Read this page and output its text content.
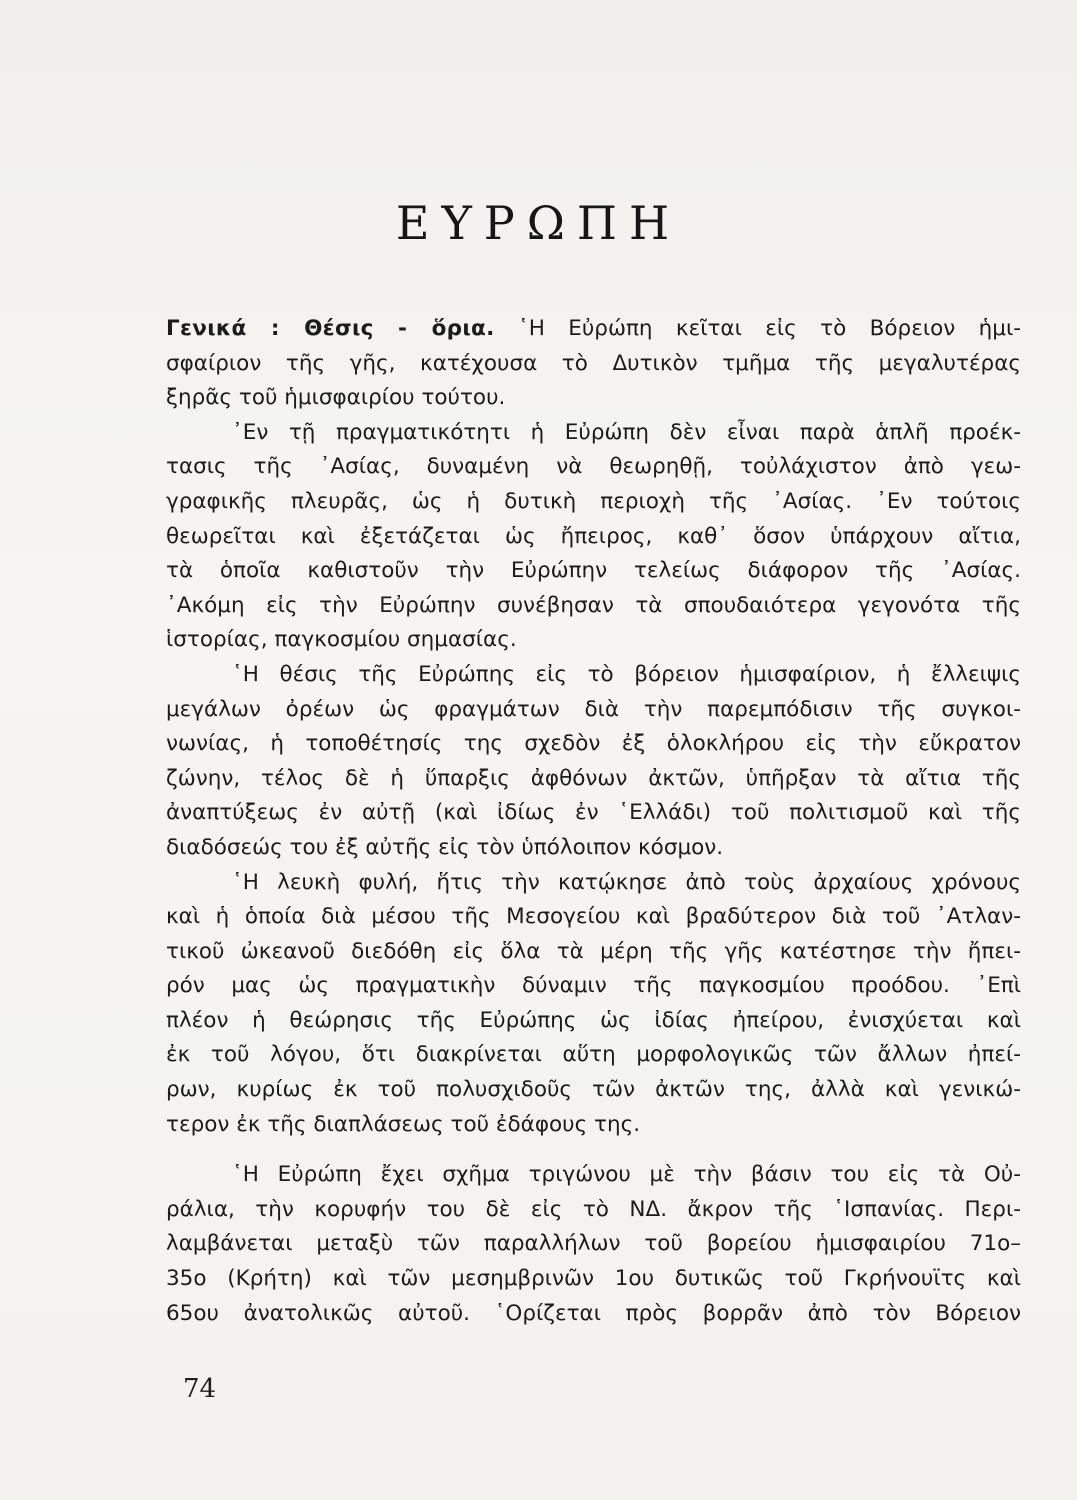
ΕΥΡΩΠΗ
Γενικά : Θέσις - ὅρια. ῾Η Εὐρώπη κεῖται εἰς τὸ Βόρειον ἡμι-
σφαίριον τῆς γῆς, κατέχουσα τὸ Δυτικὸν τμῆμα τῆς μεγαλυτέρας
ξηρᾶς τοῦ ἡμισφαιρίου τούτου.
᾿Εν τῇ πραγματικότητι ἡ Εὐρώπη δὲν εἶναι παρὰ ἁπλῆ προέκ-
τασις τῆς ᾿Ασίας, δυναμένη νὰ θεωρηθῇ, τοὐλάχιστον ἀπὸ γεω-
γραφικῆς πλευρᾶς, ὡς ἡ δυτικὴ περιοχὴ τῆς ᾿Ασίας. ᾿Εν τούτοις
θεωρεῖται καὶ ἐξετάζεται ὡς ἤπειρος, καθ᾿ ὅσον ὑπάρχουν αἴτια,
τὰ ὁποῖα καθιστοῦν τὴν Εὐρώπην τελείως διάφορον τῆς ᾿Ασίας.
᾿Ακόμη εἰς τὴν Εὐρώπην συνέβησαν τὰ σπουδαιότερα γεγονότα τῆς
ἱστορίας, παγκοσμίου σημασίας.
῾Η θέσις τῆς Εὐρώπης εἰς τὸ βόρειον ἡμισφαίριον, ἡ ἔλλειψις
μεγάλων ὀρέων ὡς φραγμάτων διὰ τὴν παρεμπόδισιν τῆς συγκοι-
νωνίας, ἡ τοποθέτησίς της σχεδὸν ἐξ ὁλοκλήρου εἰς τὴν εὔκρατον
ζώνην, τέλος δὲ ἡ ὕπαρξις ἀφθόνων ἀκτῶν, ὑπῆρξαν τὰ αἴτια τῆς
ἀναπτύξεως ἐν αὐτῇ (καὶ ἰδίως ἐν ῾Ελλάδι) τοῦ πολιτισμοῦ καὶ τῆς
διαδόσεώς του ἐξ αὐτῆς εἰς τὸν ὑπόλοιπον κόσμον.
῾Η λευκὴ φυλή, ἥτις τὴν κατῴκησε ἀπὸ τοὺς ἀρχαίους χρόνους
καὶ ἡ ὁποία διὰ μέσου τῆς Μεσογείου καὶ βραδύτερον διὰ τοῦ ᾿Ατλαν-
τικοῦ ὠκεανοῦ διεδόθη εἰς ὅλα τὰ μέρη τῆς γῆς κατέστησε τὴν ἤπει-
ρόν μας ὡς πραγματικὴν δύναμιν τῆς παγκοσμίου προόδου. ᾿Επὶ
πλέον ἡ θεώρησις τῆς Εὐρώπης ὡς ἰδίας ἠπείρου, ἐνισχύεται καὶ
ἐκ τοῦ λόγου, ὅτι διακρίνεται αὕτη μορφολογικῶς τῶν ἄλλων ἠπεί-
ρων, κυρίως ἐκ τοῦ πολυσχιδοῦς τῶν ἀκτῶν της, ἀλλὰ καὶ γενικώ-
τερον ἐκ τῆς διαπλάσεως τοῦ ἐδάφους της.
῾Η Εὐρώπη ἔχει σχῆμα τριγώνου μὲ τὴν βάσιν του εἰς τὰ Οὐ-
ράλια, τὴν κορυφήν του δὲ εἰς τὸ ΝΔ. ἄκρον τῆς ῾Ισπανίας. Περι-
λαμβάνεται μεταξὺ τῶν παραλλήλων τοῦ βορείου ἡμισφαιρίου 71ο–
35ο (Κρήτη) καὶ τῶν μεσημβρινῶν 1ου δυτικῶς τοῦ Γκρήνουϊτς καὶ
65ου ἀνατολικῶς αὐτοῦ. ῾Ορίζεται πρὸς βορρᾶν ἀπὸ τὸν Βόρειον
74
